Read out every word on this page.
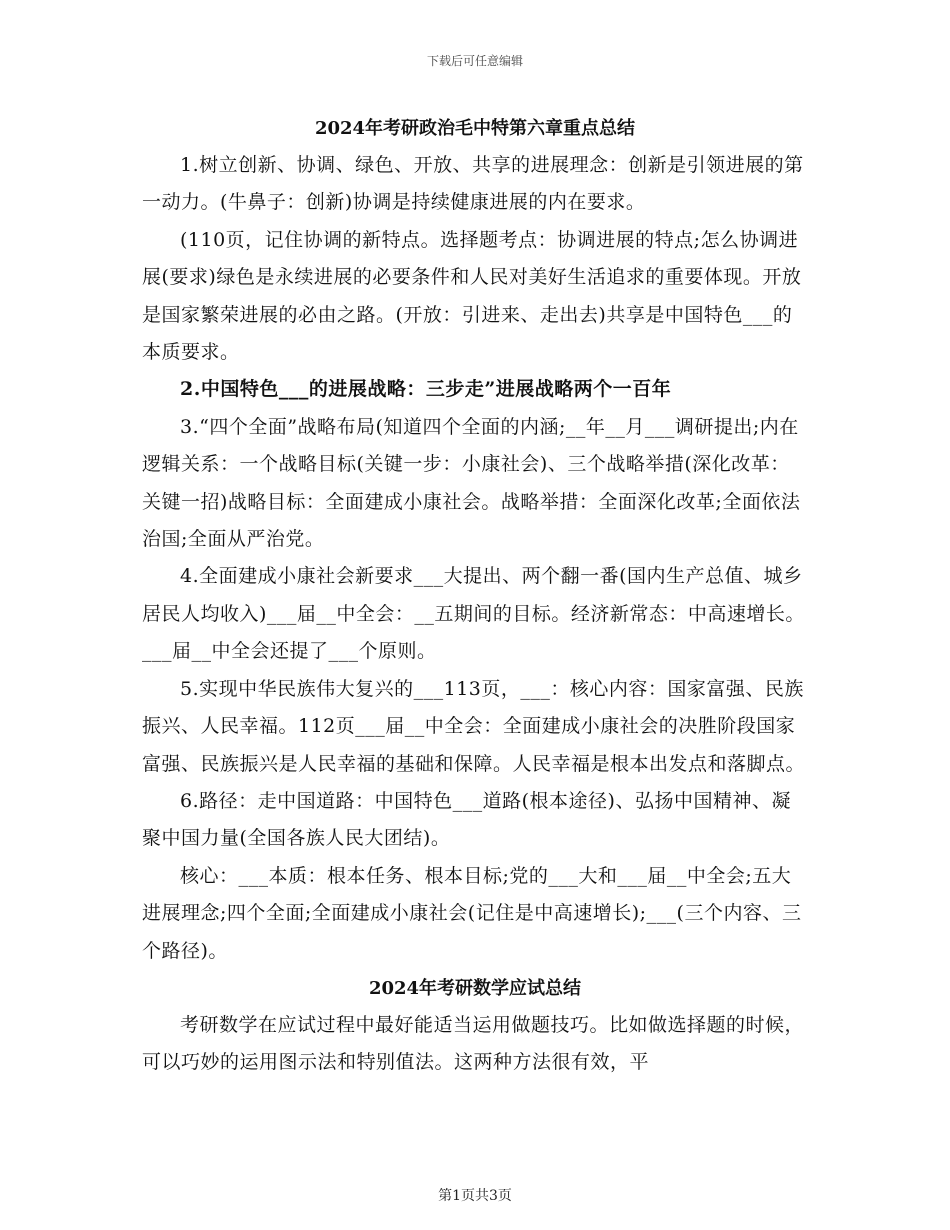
下载后可任意编辑

2024年考研政治毛中特第六章重点总结

1.树立创新、协调、绿色、开放、共享的进展理念：创新是引领进展的第一动力。(牛鼻子：创新)协调是持续健康进展的内在要求。

(110页，记住协调的新特点。选择题考点：协调进展的特点;怎么协调进展(要求)绿色是永续进展的必要条件和人民对美好生活追求的重要体现。开放是国家繁荣进展的必由之路。(开放：引进来、走出去)共享是中国特色___的本质要求。

2.中国特色___的进展战略：三步走”进展战略两个一百年

3.“四个全面”战略布局(知道四个全面的内涵;__年__月___调研提出;内在逻辑关系：一个战略目标(关键一步：小康社会)、三个战略举措(深化改革：关键一招)战略目标：全面建成小康社会。战略举措：全面深化改革;全面依法治国;全面从严治党。

4.全面建成小康社会新要求___大提出、两个翻一番(国内生产总值、城乡居民人均收入)___届__中全会：__五期间的目标。经济新常态：中高速增长。___届__中全会还提了___个原则。

5.实现中华民族伟大复兴的___113页，___：核心内容：国家富强、民族振兴、人民幸福。112页___届__中全会：全面建成小康社会的决胜阶段国家富强、民族振兴是人民幸福的基础和保障。人民幸福是根本出发点和落脚点。

6.路径：走中国道路：中国特色___道路(根本途径)、弘扬中国精神、凝聚中国力量(全国各族人民大团结)。

核心：___本质：根本任务、根本目标;党的___大和___届__中全会;五大进展理念;四个全面;全面建成小康社会(记住是中高速增长);___(三个内容、三个路径)。

2024年考研数学应试总结

考研数学在应试过程中最好能适当运用做题技巧。比如做选择题的时候，可以巧妙的运用图示法和特别值法。这两种方法很有效，平

第1页共3页
